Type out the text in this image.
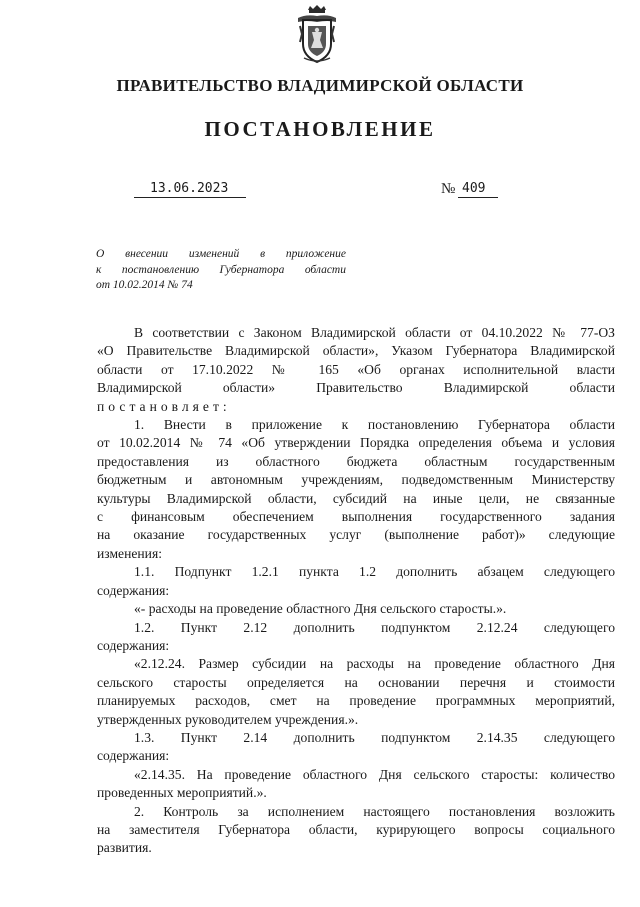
ПРАВИТЕЛЬСТВО ВЛАДИМИРСКОЙ ОБЛАСТИ
ПОСТАНОВЛЕНИЕ
13.06.2023	№ 409
О внесении изменений в приложение
к постановлению Губернатора области
от 10.02.2014 № 74

В соответствии с Законом Владимирской области от 04.10.2022 № 77-ОЗ

«О Правительстве Владимирской области», Указом Губернатора Владимирской

области от 17.10.2022 № 165 «Об органах исполнительной власти

Владимирской области» Правительство Владимирской области

постановляет:

1. Внести в приложение к постановлению Губернатора области

от 10.02.2014 № 74 «Об утверждении Порядка определения объема и условия

предоставления из областного бюджета областным государственным

бюджетным и автономным учреждениям, подведомственным Министерству

культуры Владимирской области, субсидий на иные цели, не связанные

с финансовым обеспечением выполнения государственного задания

на оказание государственных услуг (выполнение работ)» следующие

изменения:

1.1. Подпункт 1.2.1 пункта 1.2 дополнить абзацем следующего

содержания:

«- расходы на проведение областного Дня сельского старосты.».

1.2. Пункт 2.12 дополнить подпунктом 2.12.24 следующего

содержания:

«2.12.24. Размер субсидии на расходы на проведение областного Дня

сельского старосты определяется на основании перечня и стоимости

планируемых расходов, смет на проведение программных мероприятий,

утвержденных руководителем учреждения.».

1.3. Пункт 2.14 дополнить подпунктом 2.14.35 следующего

содержания:

«2.14.35. На проведение областного Дня сельского старосты: количество

проведенных мероприятий.».

2. Контроль за исполнением настоящего постановления возложить

на заместителя Губернатора области, курирующего вопросы социального

развития.
